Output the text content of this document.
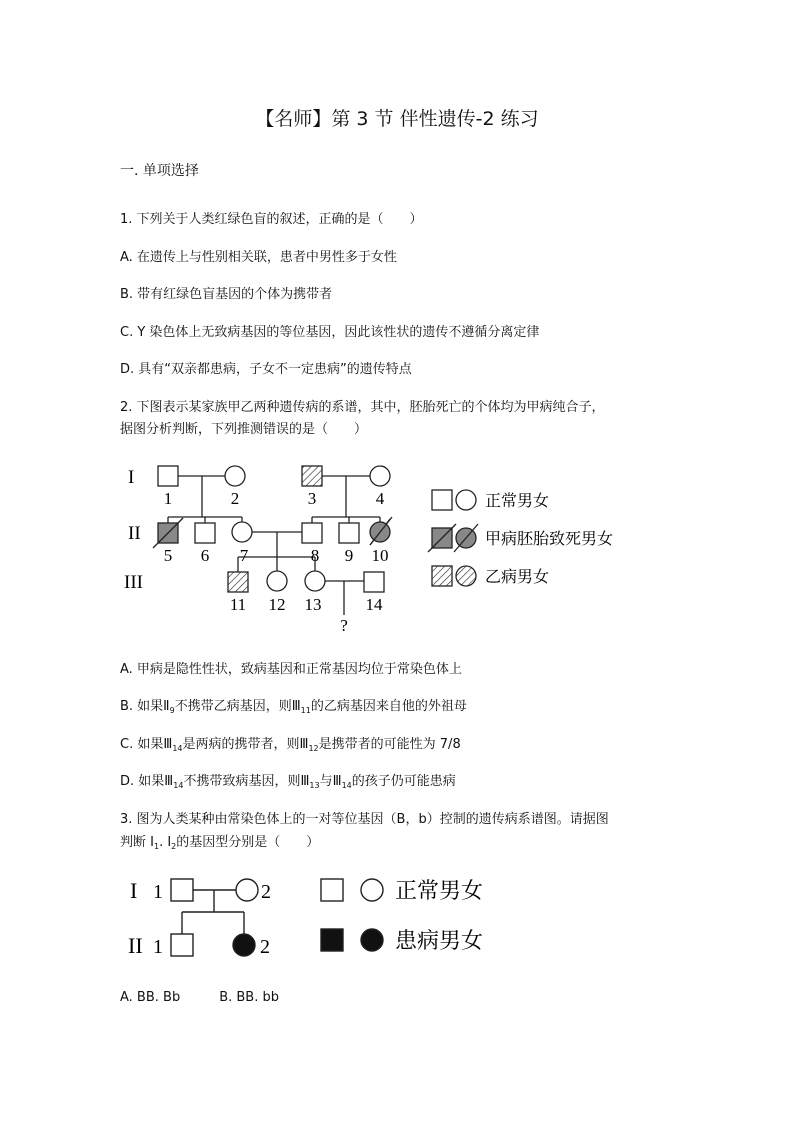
【名师】第 3 节 伴性遗传-2 练习
一. 单项选择
1. 下列关于人类红绿色盲的叙述，正确的是（　　）
A. 在遗传上与性别相关联，患者中男性多于女性
B. 带有红绿色盲基因的个体为携带者
C. Y 染色体上无致病基因的等位基因，因此该性状的遗传不遵循分离定律
D. 具有“双亲都患病，子女不一定患病”的遗传特点
2. 下图表示某家族甲乙两种遗传病的系谱，其中，胚胎死亡的个体均为甲病纯合子，
据图分析判断，下列推测错误的是（　　）
I
II
III
1	2	3	4
5 6 7	8 9 10
11 12 13	14
?
正常男女
甲病胚胎致死男女
乙病男女
A. 甲病是隐性性状，致病基因和正常基因均位于常染色体上
B. 如果$Ⅱ_9$不携带乙病基因，则$Ⅲ_{11}$的乙病基因来自他的外祖母
C. 如果$Ⅲ_{14}$是两病的携带者，则$Ⅲ_{12}$是携带者的可能性为 7/8
D. 如果$Ⅲ_{14}$不携带致病基因，则$Ⅲ_{13}$与$Ⅲ_{14}$的孩子仍可能患病
3. 图为人类某种由常染色体上的一对等位基因（B，b）控制的遗传病系谱图。请据图
判断 $I_1$. $I_2$的基因型分别是（　　）
I
II
1	2
1	2
正常男女
患病男女
A. BB. Bb　　　B. BB. bb
